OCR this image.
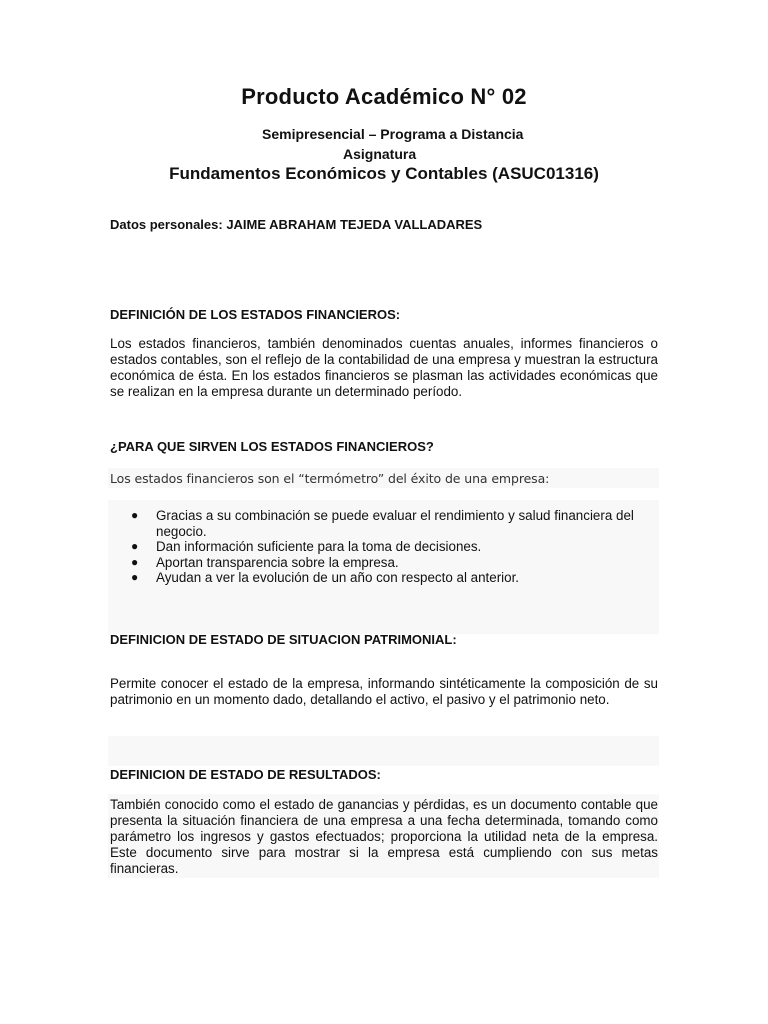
Producto Académico N° 02
Semipresencial – Programa a Distancia
Asignatura
Fundamentos Económicos y Contables (ASUC01316)
Datos personales: JAIME ABRAHAM TEJEDA VALLADARES
DEFINICIÓN DE LOS ESTADOS FINANCIEROS:
Los estados financieros, también denominados cuentas anuales, informes financieros o estados contables, son el reflejo de la contabilidad de una empresa y muestran la estructura económica de ésta. En los estados financieros se plasman las actividades económicas que se realizan en la empresa durante un determinado período.
¿PARA QUE SIRVEN LOS ESTADOS FINANCIEROS?
Los estados financieros son el “termómetro” del éxito de una empresa:
● Gracias a su combinación se puede evaluar el rendimiento y salud financiera del negocio.
● Dan información suficiente para la toma de decisiones.
● Aportan transparencia sobre la empresa.
● Ayudan a ver la evolución de un año con respecto al anterior.
DEFINICION DE ESTADO DE SITUACION PATRIMONIAL:
Permite conocer el estado de la empresa, informando sintéticamente la composición de su patrimonio en un momento dado, detallando el activo, el pasivo y el patrimonio neto.
DEFINICION DE ESTADO DE RESULTADOS:
También conocido como el estado de ganancias y pérdidas, es un documento contable que presenta la situación financiera de una empresa a una fecha determinada, tomando como parámetro los ingresos y gastos efectuados; proporciona la utilidad neta de la empresa. Este documento sirve para mostrar si la empresa está cumpliendo con sus metas financieras.
